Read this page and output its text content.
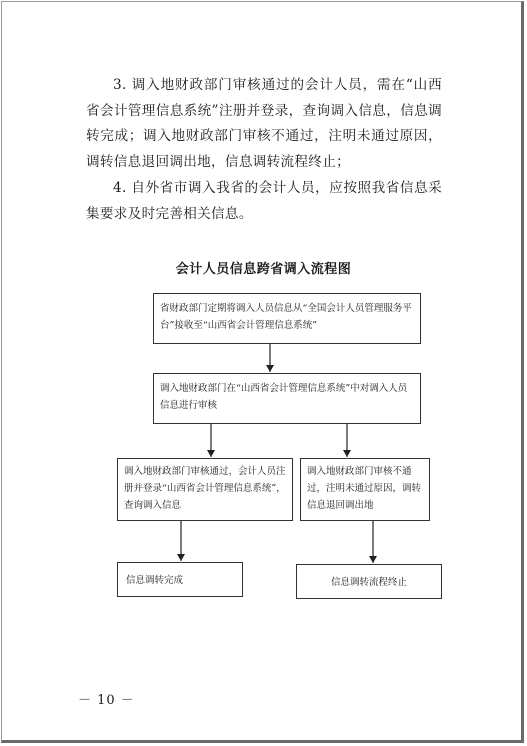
3. 调入地财政部门审核通过的会计人员，需在“山西省会计管理信息系统”注册并登录，查询调入信息，信息调转完成；调入地财政部门审核不通过，注明未通过原因，调转信息退回调出地，信息调转流程终止；

4. 自外省市调入我省的会计人员，应按照我省信息采集要求及时完善相关信息。

会计人员信息跨省调入流程图
省财政部门定期将调入人员信息从“全国会计人员管理服务平台”接收至“山西省会计管理信息系统”
调入地财政部门在“山西省会计管理信息系统”中对调入人员信息进行审核
调入地财政部门审核通过，会计人员注册并登录“山西省会计管理信息系统”，查询调入信息
调入地财政部门审核不通过，注明未通过原因，调转信息退回调出地
信息调转完成	信息调转流程终止
－ 10 －
